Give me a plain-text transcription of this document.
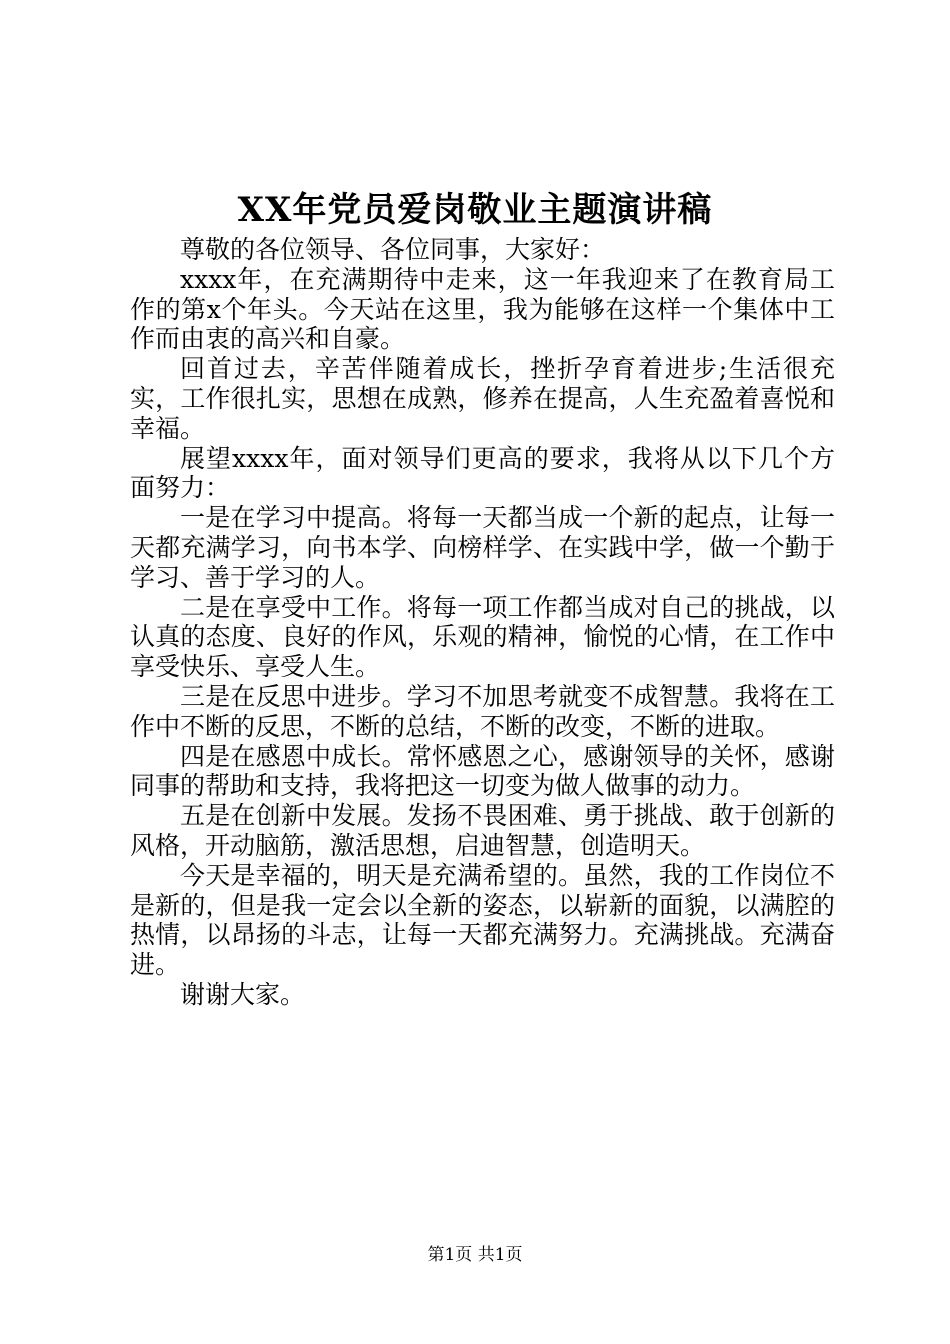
XX年党员爱岗敬业主题演讲稿

尊敬的各位领导、各位同事，大家好：

xxxx年，在充满期待中走来，这一年我迎来了在教育局工作的第x个年头。今天站在这里，我为能够在这样一个集体中工作而由衷的高兴和自豪。

回首过去，辛苦伴随着成长，挫折孕育着进步;生活很充实，工作很扎实，思想在成熟，修养在提高，人生充盈着喜悦和幸福。

展望xxxx年，面对领导们更高的要求，我将从以下几个方面努力：

一是在学习中提高。将每一天都当成一个新的起点，让每一天都充满学习，向书本学、向榜样学、在实践中学，做一个勤于学习、善于学习的人。

二是在享受中工作。将每一项工作都当成对自己的挑战，以认真的态度、良好的作风，乐观的精神，愉悦的心情，在工作中享受快乐、享受人生。

三是在反思中进步。学习不加思考就变不成智慧。我将在工作中不断的反思，不断的总结，不断的改变，不断的进取。

四是在感恩中成长。常怀感恩之心，感谢领导的关怀，感谢同事的帮助和支持，我将把这一切变为做人做事的动力。

五是在创新中发展。发扬不畏困难、勇于挑战、敢于创新的风格，开动脑筋，激活思想，启迪智慧，创造明天。

今天是幸福的，明天是充满希望的。虽然，我的工作岗位不是新的，但是我一定会以全新的姿态，以崭新的面貌，以满腔的热情，以昂扬的斗志，让每一天都充满努力。充满挑战。充满奋进。

谢谢大家。

第1页 共1页
